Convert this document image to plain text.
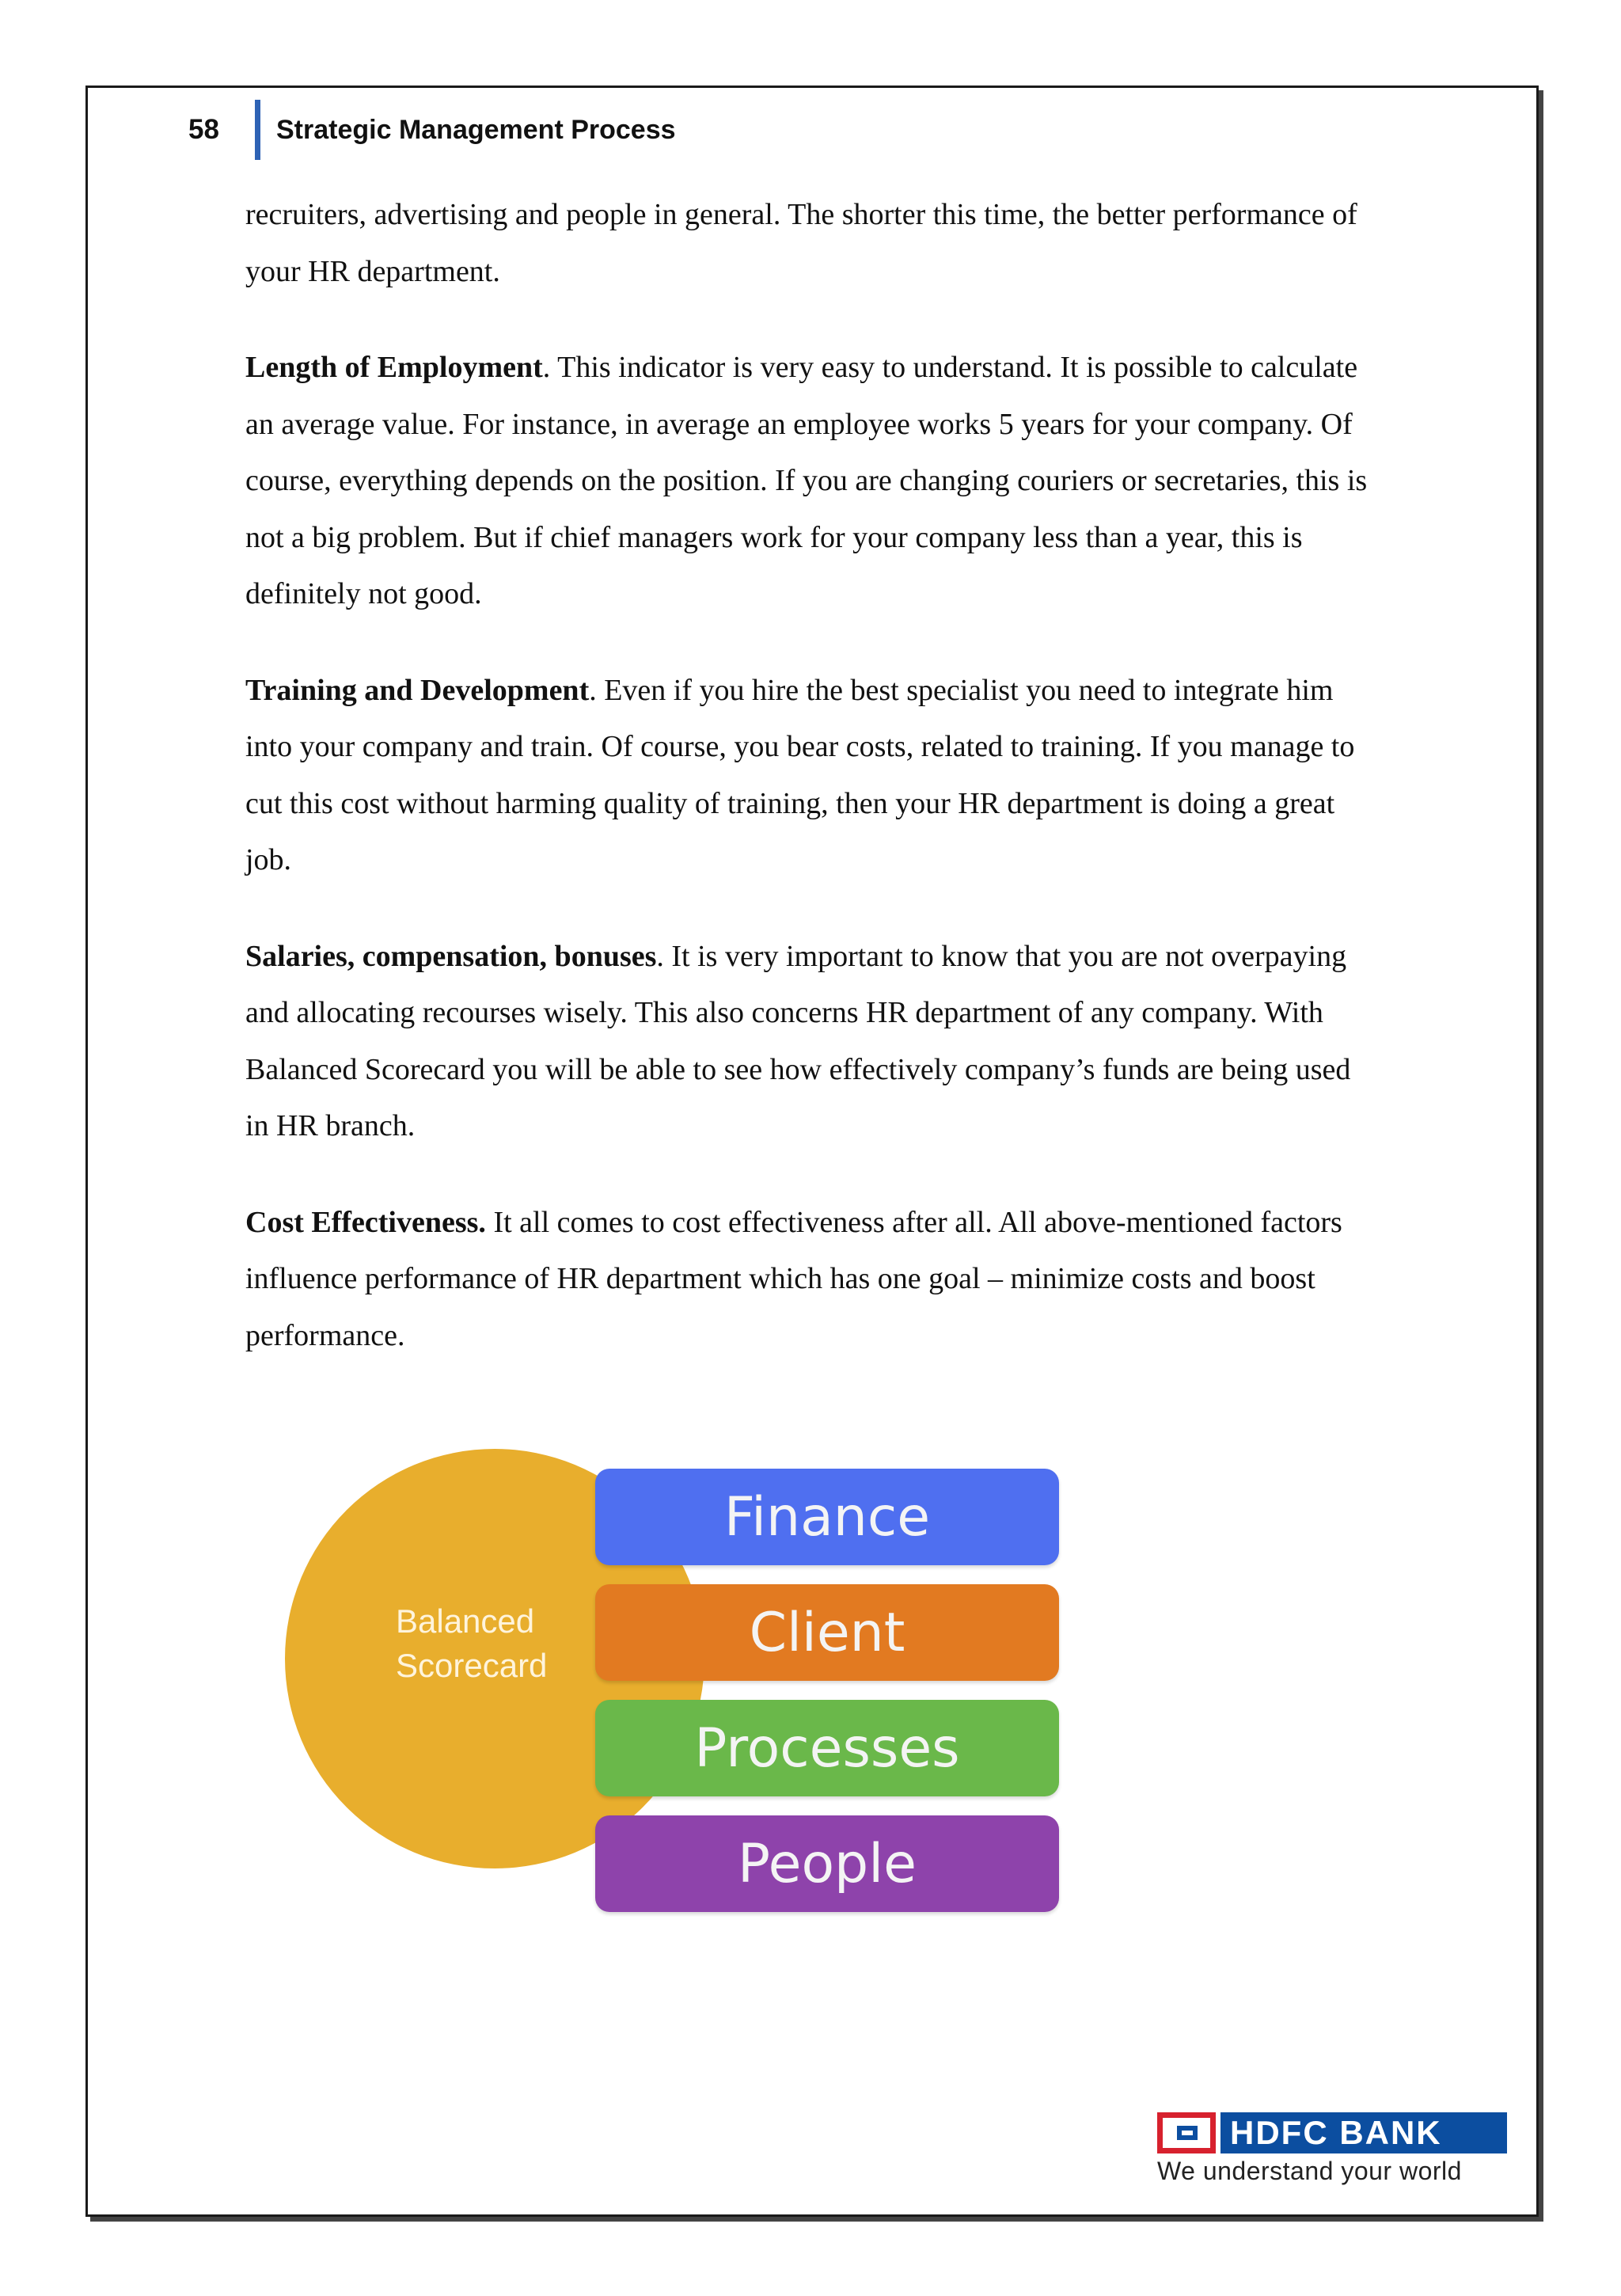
58	Strategic Management Process

recruiters, advertising and people in general. The shorter this time, the better performance of your HR department.

Length of Employment. This indicator is very easy to understand. It is possible to calculate an average value. For instance, in average an employee works 5 years for your company. Of course, everything depends on the position. If you are changing couriers or secretaries, this is not a big problem. But if chief managers work for your company less than a year, this is definitely not good.

Training and Development. Even if you hire the best specialist you need to integrate him into your company and train. Of course, you bear costs, related to training. If you manage to cut this cost without harming quality of training, then your HR department is doing a great job.

Salaries, compensation, bonuses. It is very important to know that you are not overpaying and allocating recourses wisely. This also concerns HR department of any company. With Balanced Scorecard you will be able to see how effectively company’s funds are being used in HR branch.

Cost Effectiveness. It all comes to cost effectiveness after all. All above-mentioned factors influence performance of HR department which has one goal – minimize costs and boost performance.

Balanced
Scorecard
Finance
Client
Processes
People
HDFC BANK
We understand your world
